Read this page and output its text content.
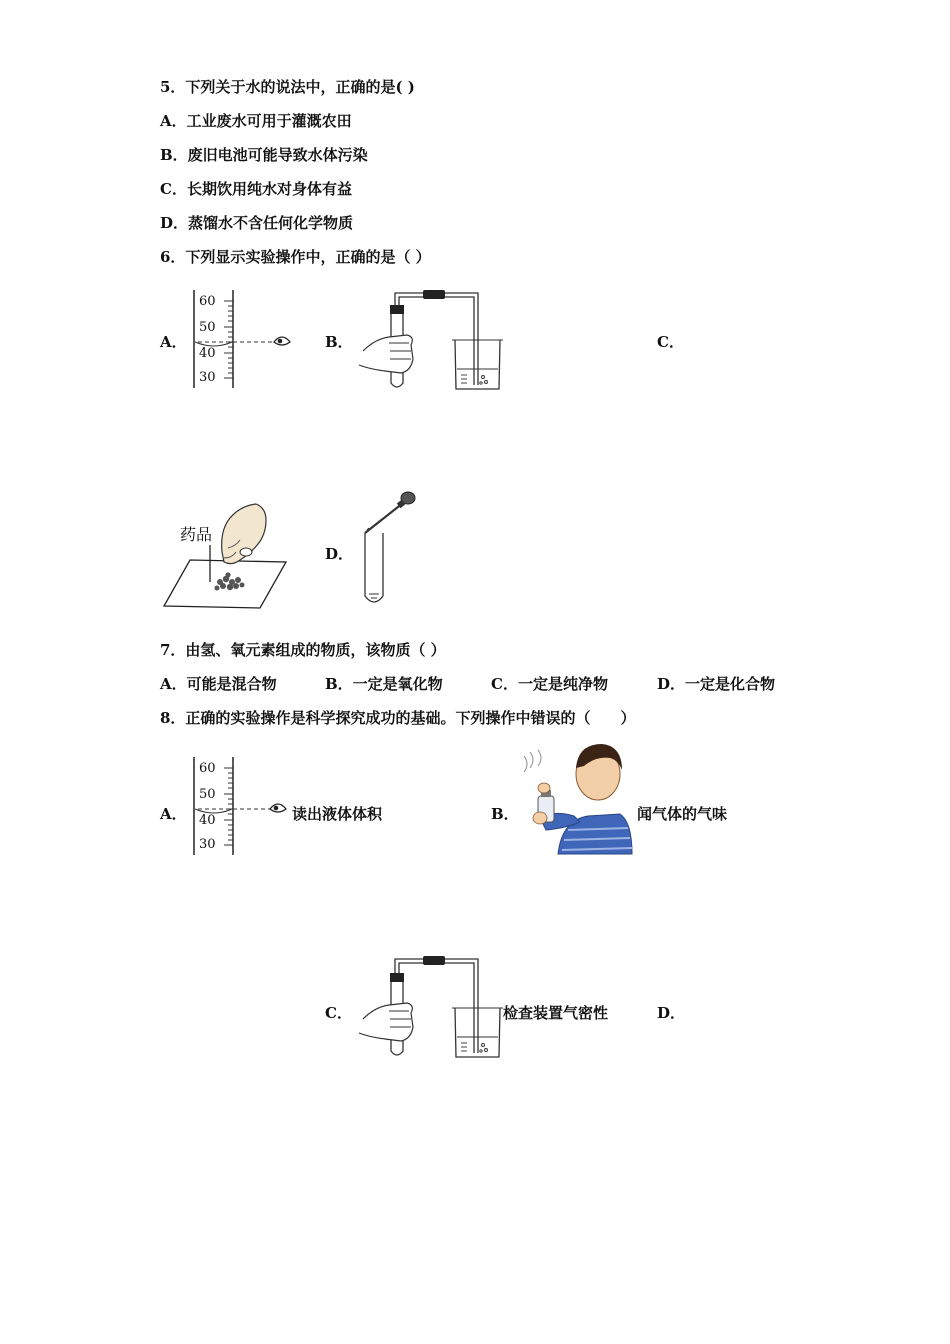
5．下列关于水的说法中，正确的是( )
A．工业废水可用于灌溉农田
B．废旧电池可能导致水体污染
C．长期饮用纯水对身体有益
D．蒸馏水不含任何化学物质
6．下列显示实验操作中，正确的是（ ）
A．
60
50
40
30
B．	C．
药品
D．
7．由氢、氧元素组成的物质，该物质（ ）
A．可能是混合物	B．一定是氧化物	C．一定是纯净物	D．一定是化合物
8．正确的实验操作是科学探究成功的基础。下列操作中错误的（　　）
A．
60
50
40
30
读出液体体积	B．	闻气体的气味
C．	检查装置气密性	D．
